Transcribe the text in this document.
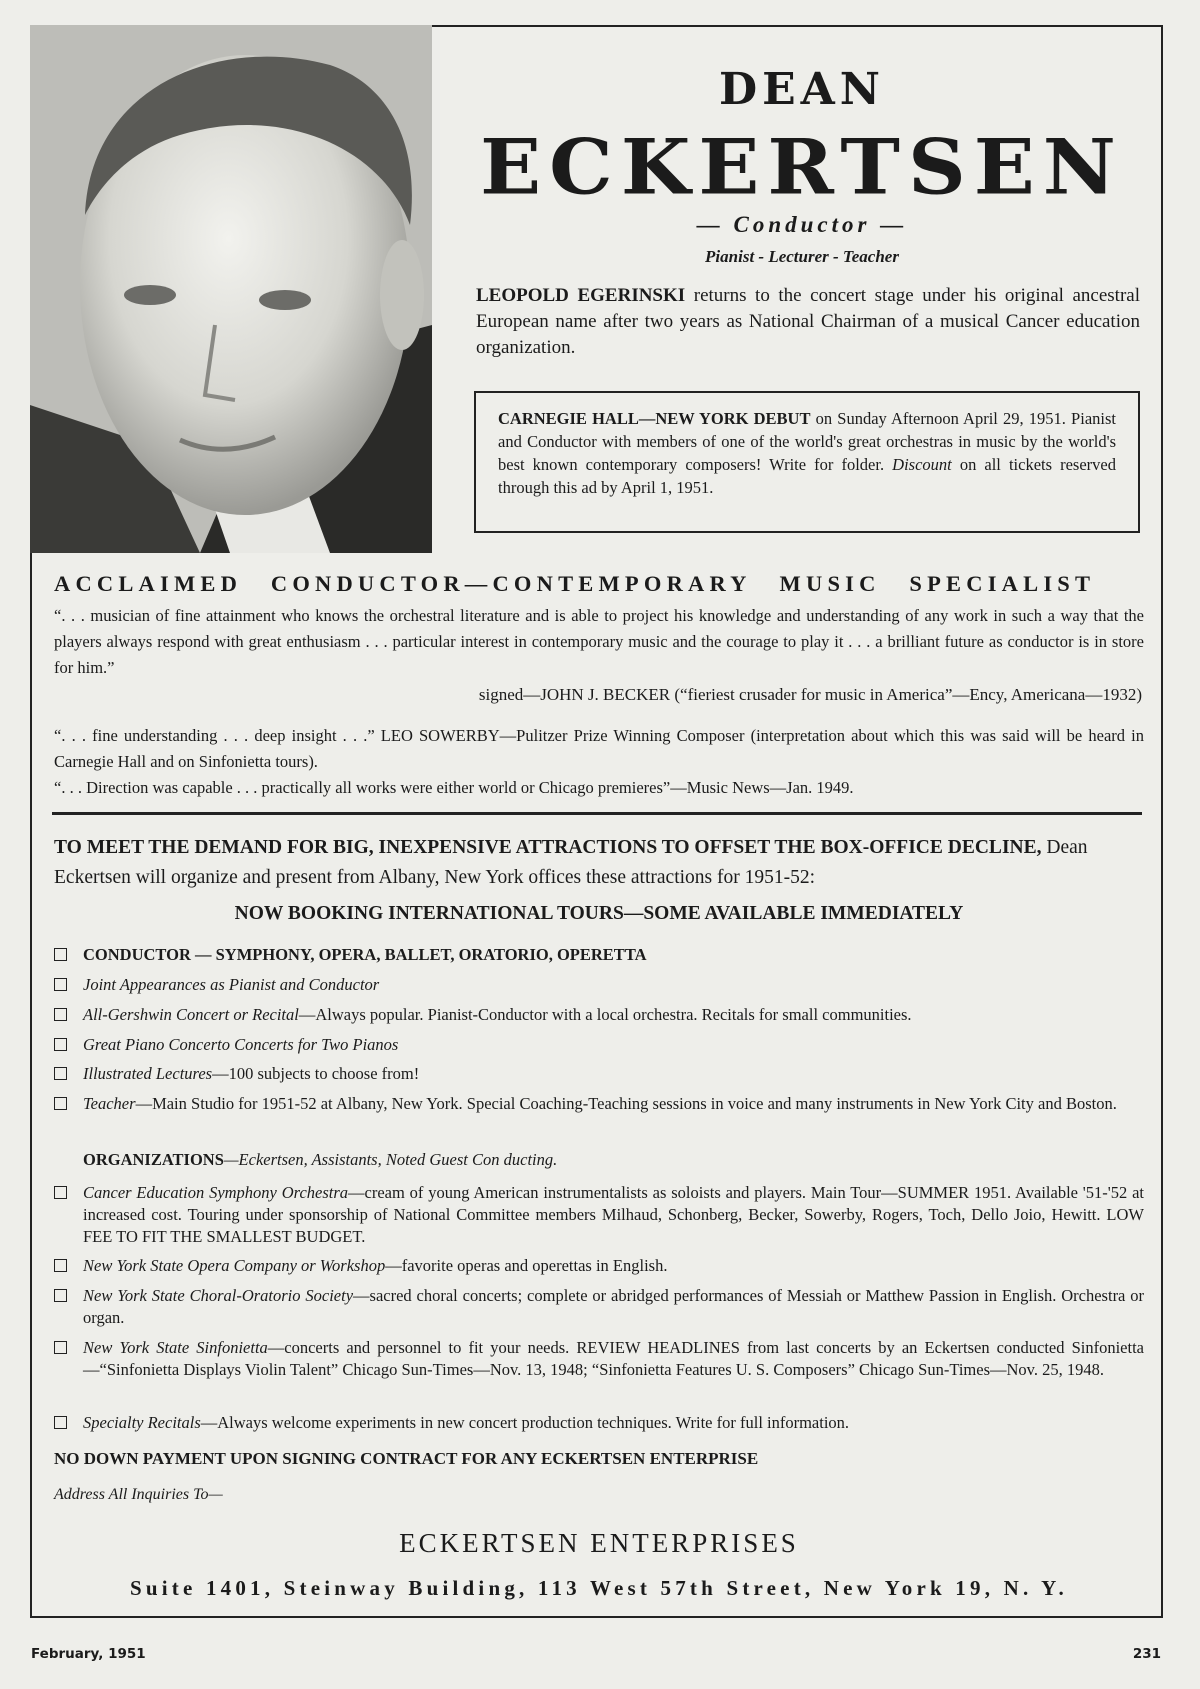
DEAN
ECKERTSEN
— Conductor —
Pianist - Lecturer - Teacher
LEOPOLD EGERINSKI returns to the concert stage under his original ancestral European name after two years as National Chairman of a musical Cancer education organization.
CARNEGIE HALL—NEW YORK DEBUT on Sunday Afternoon April 29, 1951. Pianist and Conductor with members of one of the world's great orchestras in music by the world's best known contemporary composers! Write for folder. Discount on all tickets reserved through this ad by April 1, 1951.
ACCLAIMED CONDUCTOR—CONTEMPORARY MUSIC SPECIALIST
“. . . musician of fine attainment who knows the orchestral literature and is able to project his knowledge and understanding of any work in such a way that the players always respond with great enthusiasm . . . particular interest in contemporary music and the courage to play it . . . a brilliant future as conductor is in store for him.”
signed—JOHN J. BECKER (“fieriest crusader for music in America”—Ency, Americana—1932)
“. . . fine understanding . . . deep insight . . .” LEO SOWERBY—Pulitzer Prize Winning Composer (interpretation about which this was said will be heard in Carnegie Hall and on Sinfonietta tours).
“. . . Direction was capable . . . practically all works were either world or Chicago premieres”—Music News—Jan. 1949.
TO MEET THE DEMAND FOR BIG, INEXPENSIVE ATTRACTIONS TO OFFSET THE BOX-OFFICE DECLINE, Dean Eckertsen will organize and present from Albany, New York offices these attractions for 1951-52:
NOW BOOKING INTERNATIONAL TOURS—SOME AVAILABLE IMMEDIATELY
CONDUCTOR — SYMPHONY, OPERA, BALLET, ORATORIO, OPERETTA
Joint Appearances as Pianist and Conductor
All-Gershwin Concert or Recital—Always popular. Pianist-Conductor with a local orchestra. Recitals for small communities.
Great Piano Concerto Concerts for Two Pianos
Illustrated Lectures—100 subjects to choose from!
Teacher—Main Studio for 1951-52 at Albany, New York. Special Coaching-Teaching sessions in voice and many instruments in New York City and Boston.
ORGANIZATIONS—Eckertsen, Assistants, Noted Guest Con ducting.
Cancer Education Symphony Orchestra—cream of young American instrumentalists as soloists and players. Main Tour—SUMMER 1951. Available '51-'52 at increased cost. Touring under sponsorship of National Committee members Milhaud, Schonberg, Becker, Sowerby, Rogers, Toch, Dello Joio, Hewitt. LOW FEE TO FIT THE SMALLEST BUDGET.
New York State Opera Company or Workshop—favorite operas and operettas in English.
New York State Choral-Oratorio Society—sacred choral concerts; complete or abridged performances of Messiah or Matthew Passion in English. Orchestra or organ.
New York State Sinfonietta—concerts and personnel to fit your needs. REVIEW HEADLINES from last concerts by an Eckertsen conducted Sinfonietta—“Sinfonietta Displays Violin Talent” Chicago Sun-Times—Nov. 13, 1948; “Sinfonietta Features U. S. Composers” Chicago Sun-Times—Nov. 25, 1948.
Specialty Recitals—Always welcome experiments in new concert production techniques. Write for full information.
NO DOWN PAYMENT UPON SIGNING CONTRACT FOR ANY ECKERTSEN ENTERPRISE
Address All Inquiries To—
ECKERTSEN ENTERPRISES
Suite 1401, Steinway Building, 113 West 57th Street, New York 19, N. Y.
February, 1951	231
